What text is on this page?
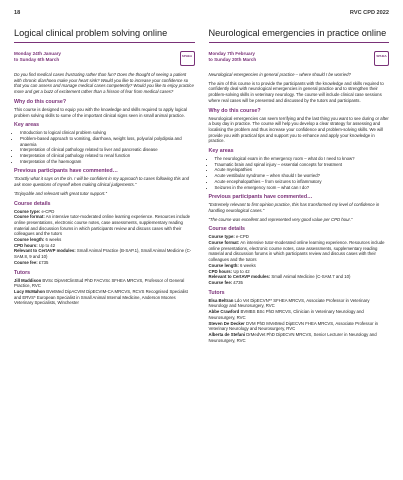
18	RVC CPD 2022
Logical clinical problem solving online
Monday 24th January
to Sunday 6th March
SPHEA

Do you find medical cases frustrating rather than fun? Does the thought of seeing a patient with chronic diarrhoea make your heart sink? Would you like to increase your confidence so that you can assess and manage medical cases competently? Would you like to enjoy practice more and get a buzz of excitement rather than a frisson of fear from medical cases?

Why do this course?

This course is designed to equip you with the knowledge and skills required to apply logical problem solving skills to some of the important clinical signs seen in small animal practice.

Key areas
• Introduction to logical clinical problem solving
• Problem-based approach to vomiting, diarrhoea, weight loss, polyuria/ polydipsia and anaemia
• Interpretation of clinical pathology related to liver and pancreatic disease
• Interpretation of clinical pathology related to renal function
• Interpretation of the haemogram
Previous participants have commented…

“Exactly what it says on the tin. I will be confident in my approach to cases following this and ask more questions of myself when making clinical judgements.”

“Enjoyable and relevant with great tutor support.”

Course details

Course type: e-CPD

Course format: An intensive tutor-moderated online learning experience. Resources include online presentations, electronic course notes, case assessments, supplementary reading material and discussion forums in which participants review and discuss cases with their colleagues and the tutors

Course length: 6 weeks

CPD hours: Up to 42

Relevant to CertAVP modules: Small Animal Practice (B-SAP.1), Small Animal Medicine (C-SAM.8, 9 and 10)

Course fee: £735

Tutors

Jill Maddison BVSc DipVetClinStud PhD FACVSc SFHEA MRCVS, Professor of General Practice, RVC

Lucy McMahon BVetMed DipACVIM DipECVIM-CA MRCVS, RCVS Recognised Specialist and ERVS* European Specialist in Small Animal Internal Medicine, Anderson Moores Veterinary Specialists, Winchester

Neurological emergencies in practice online
Monday 7th February
to Sunday 20th March
SPHEA

Neurological emergencies in general practice – where should I be worried?

The aim of this course is to provide the participants with the knowledge and skills required to confidently deal with neurological emergencies in general practice and to strengthen their problem-solving skills in veterinary neurology. The course will include clinical case sessions where real cases will be presented and discussed by the tutors and participants.

Why do this course?

Neurological emergencies can seem terrifying and the last thing you want to see during or after a busy day in practice. The course will help you develop a clear strategy for assessing and localising the problem and thus increase your confidence and problem-solving skills. We will provide you with practical tips and support you to enhance and apply your knowledge in practice.

Key areas
• The neurological exam in the emergency room – what do I need to know?
• Traumatic brain and spinal injury – essential concepts for treatment
• Acute myelopathies
• Acute vestibular syndrome – when should I be worried?
• Acute encephalopathies – from seizures to inflammatory
• Seizures in the emergency room – what can I do?
Previous participants have commented…

“Extremely relevant to first opinion practice, this has transformed my level of confidence in handling neurological cases.”

“The course was excellent and represented very good value per CPD hour.”

Course details

Course type: e-CPD

Course format: An intensive tutor-moderated online learning experience. Resources include online presentations, electronic course notes, case assessments, supplementary reading material and discussion forums in which participants review and discuss cases with their colleagues and the tutors

Course length: 6 weeks

CPD hours: Up to 42

Relevant to CertAVP modules: Small Animal Medicine (C-SAM.7 and 10)

Course fee: £735

Tutors

Elsa Beltran Ldo Vet DipECVN** SFHEA MRCVS, Associate Professor in Veterinary Neurology and Neurosurgery, RVC

Abbe Crawford BVMBS BSc PhD MRCVS, Clinician in Veterinary Neurology and Neurosurgery, RVC

Steven De Decker DVM PhD MVetMed DipECVN FHEA MRCVS, Associate Professor in Veterinary Neurology and Neurosurgery, RVC

Alberta de Stefani DrMedVet PhD DipECVN MRCVS, Senior Lecturer in Neurology and Neurosurgery, RVC
